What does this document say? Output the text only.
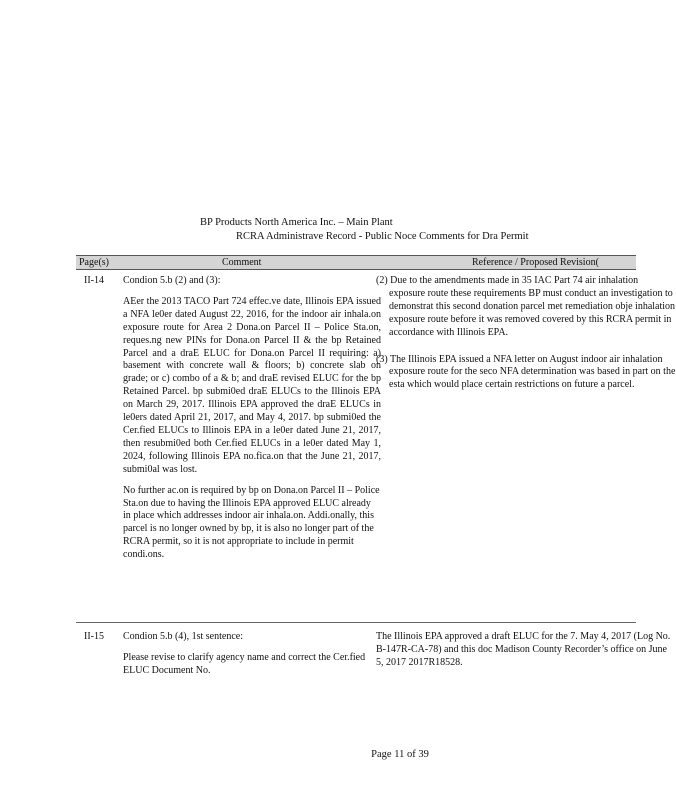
BP Products North America Inc. – Main Plant
RCRA Administrave Record - Public Noce Comments for Dra Permit
Page(s)	Comment	Reference / Proposed Revision(
II-14 Condion 5.b (2) and (3):

AEer the 2013 TACO Part 724 effec.ve date, Illinois EPA issued a NFA le0er dated August 22, 2016, for the indoor air inhala.on exposure route for Area 2 Dona.on Parcel II – Police Sta.on, reques.ng new PINs for Dona.on Parcel II & the bp Retained Parcel and a draE ELUC for Dona.on Parcel II requiring: a) basement with concrete wall & floors; b) concrete slab on grade; or c) combo of a & b; and draE revised ELUC for the bp Retained Parcel. bp submi0ed draE ELUCs to the Illinois EPA on March 29, 2017. Illinois EPA approved the draE ELUCs in le0ers dated April 21, 2017, and May 4, 2017. bp submi0ed the Cer.fied ELUCs to Illinois EPA in a le0er dated June 21, 2017, then resubmi0ed both Cer.fied ELUCs in a le0er dated May 1, 2024, following Illinois EPA no.fica.on that the June 21, 2017, submi0al was lost.

No further ac.on is required by bp on Dona.on Parcel II – Police Sta.on due to having the Illinois EPA approved ELUC already in place which addresses indoor air inhala.on. Addi.onally, this parcel is no longer owned by bp, it is also no longer part of the RCRA permit, so it is not appropriate to include in permit condi.ons.

(2) Due to the amendments made in 35 IAC Part 74 air inhalation exposure route these requirements BP must conduct an investigation to demonstrat this second donation parcel met remediation obje inhalation exposure route before it was removed covered by this RCRA permit in accordance with Illinois EPA.

(3) The Illinois EPA issued a NFA letter on August indoor air inhalation exposure route for the seco NFA determination was based in part on the esta which would place certain restrictions on future a parcel.

II-15 Condion 5.b (4), 1st sentence:

Please revise to clarify agency name and correct the Cer.fied ELUC Document No.

The Illinois EPA approved a draft ELUC for the 7. May 4, 2017 (Log No. B-147R-CA-78) and this doc Madison County Recorder’s office on June 5, 2017 2017R18528.

Page 11 of 39
